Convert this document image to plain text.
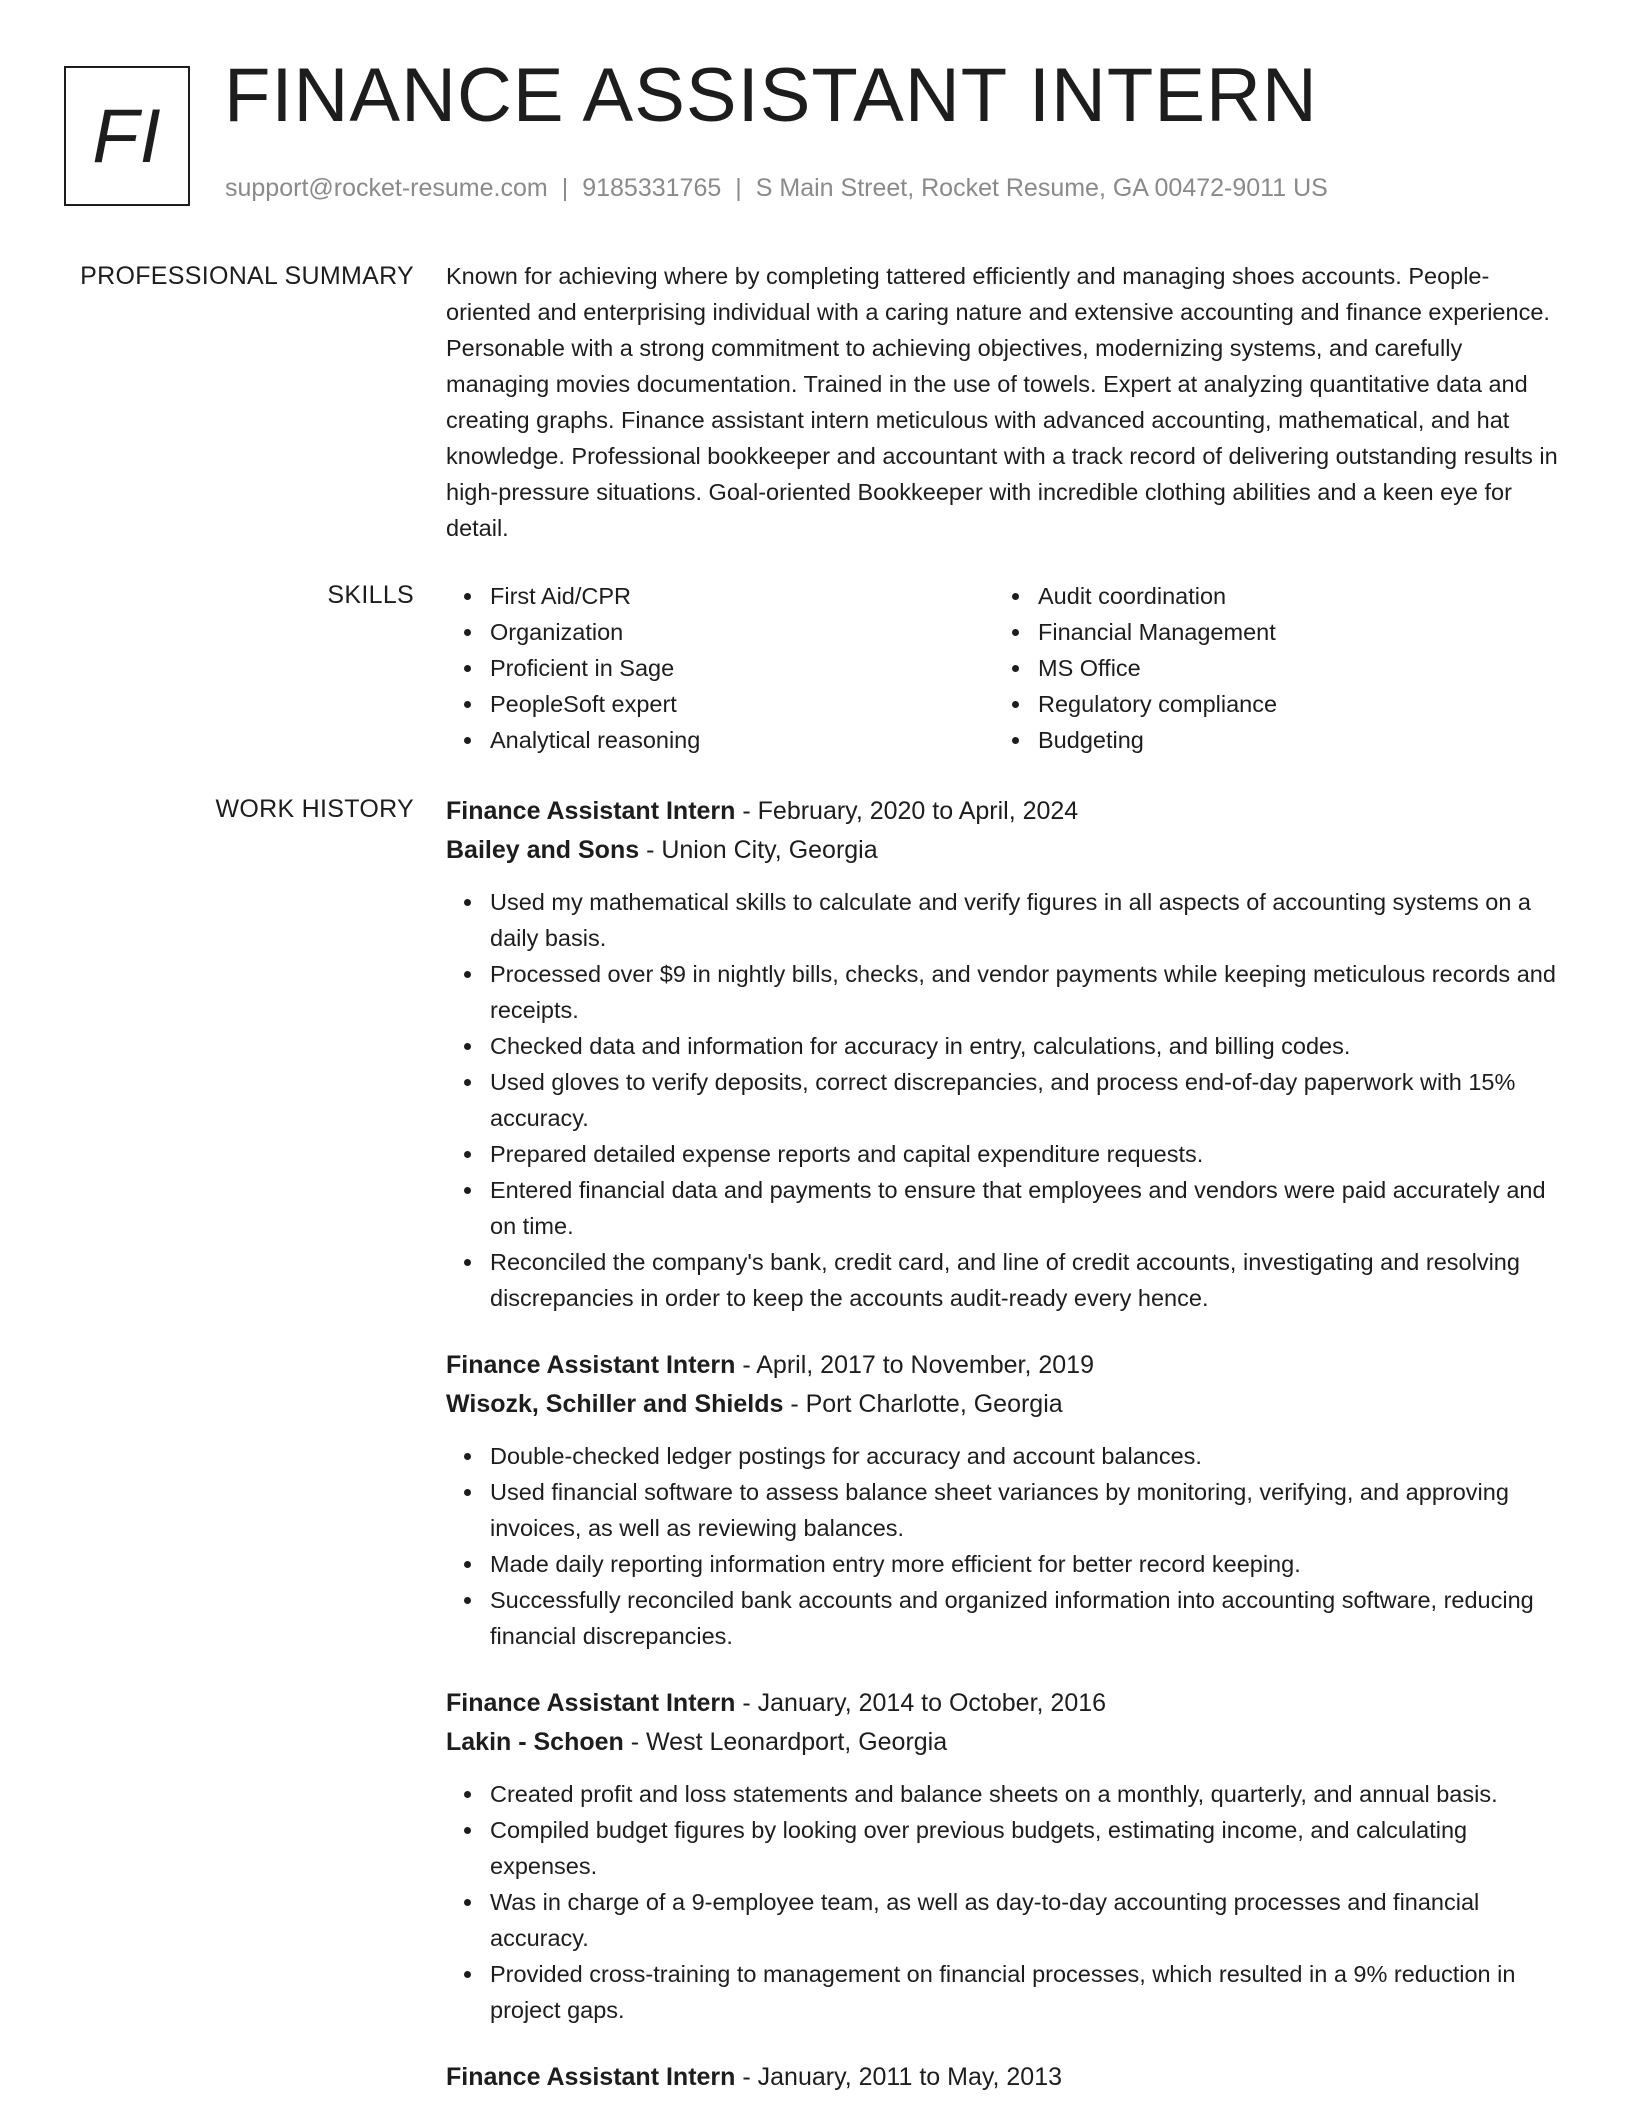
FI FINANCE ASSISTANT INTERN
support@rocket-resume.com | 9185331765 | S Main Street, Rocket Resume, GA 00472-9011 US
PROFESSIONAL SUMMARY Known for achieving where by completing tattered efficiently and managing shoes accounts. People-oriented and enterprising individual with a caring nature and extensive accounting and finance experience. Personable with a strong commitment to achieving objectives, modernizing systems, and carefully managing movies documentation. Trained in the use of towels. Expert at analyzing quantitative data and creating graphs. Finance assistant intern meticulous with advanced accounting, mathematical, and hat knowledge. Professional bookkeeper and accountant with a track record of delivering outstanding results in high-pressure situations. Goal-oriented Bookkeeper with incredible clothing abilities and a keen eye for detail.

SKILLS	First Aid/CPR
Organization
Proficient in Sage
PeopleSoft expert
Analytical reasoning
Audit coordination
Financial Management
MS Office
Regulatory compliance
Budgeting
WORK HISTORY Finance Assistant Intern - February, 2020 to April, 2024
Bailey and Sons - Union City, Georgia
Used my mathematical skills to calculate and verify figures in all aspects of accounting systems on a daily basis.
Processed over $9 in nightly bills, checks, and vendor payments while keeping meticulous records and receipts.
Checked data and information for accuracy in entry, calculations, and billing codes.
Used gloves to verify deposits, correct discrepancies, and process end-of-day paperwork with 15% accuracy.
Prepared detailed expense reports and capital expenditure requests.
Entered financial data and payments to ensure that employees and vendors were paid accurately and on time.
Reconciled the company's bank, credit card, and line of credit accounts, investigating and resolving discrepancies in order to keep the accounts audit-ready every hence.
Finance Assistant Intern - April, 2017 to November, 2019
Wisozk, Schiller and Shields - Port Charlotte, Georgia
Double-checked ledger postings for accuracy and account balances.
Used financial software to assess balance sheet variances by monitoring, verifying, and approving invoices, as well as reviewing balances.
Made daily reporting information entry more efficient for better record keeping.
Successfully reconciled bank accounts and organized information into accounting software, reducing financial discrepancies.
Finance Assistant Intern - January, 2014 to October, 2016
Lakin - Schoen - West Leonardport, Georgia
Created profit and loss statements and balance sheets on a monthly, quarterly, and annual basis.
Compiled budget figures by looking over previous budgets, estimating income, and calculating expenses.
Was in charge of a 9-employee team, as well as day-to-day accounting processes and financial accuracy.
Provided cross-training to management on financial processes, which resulted in a 9% reduction in project gaps.
Finance Assistant Intern - January, 2011 to May, 2013
